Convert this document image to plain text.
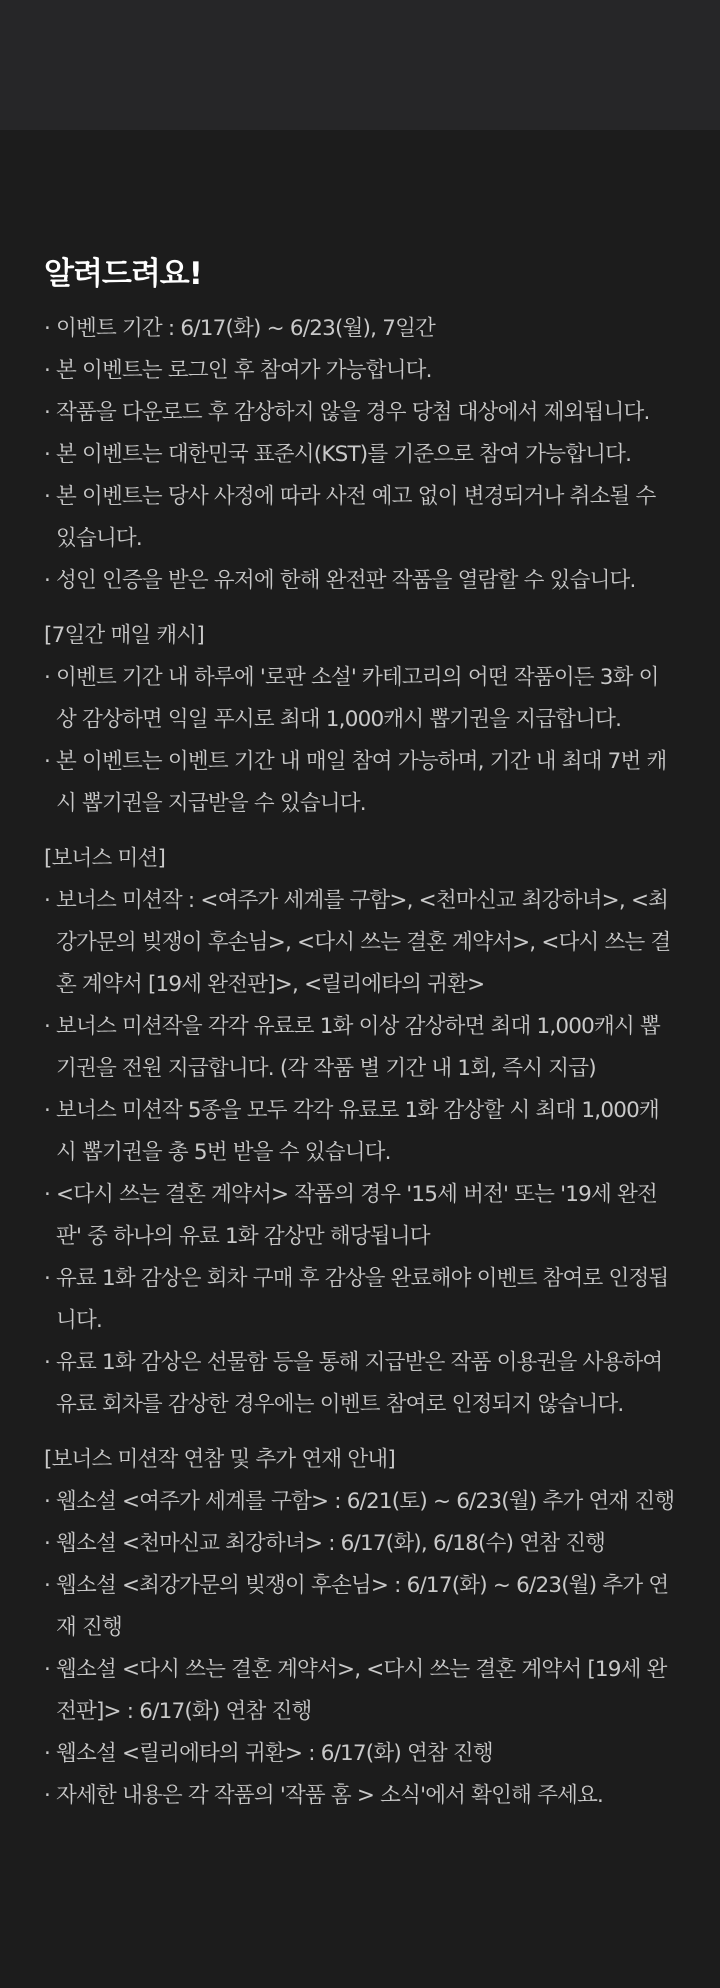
알려드려요!
· 이벤트 기간 : 6/17(화) ~ 6/23(월), 7일간
· 본 이벤트는 로그인 후 참여가 가능합니다.
· 작품을 다운로드 후 감상하지 않을 경우 당첨 대상에서 제외됩니다.
· 본 이벤트는 대한민국 표준시(KST)를 기준으로 참여 가능합니다.
· 본 이벤트는 당사 사정에 따라 사전 예고 없이 변경되거나 취소될 수 있습니다.
· 성인 인증을 받은 유저에 한해 완전판 작품을 열람할 수 있습니다.
[7일간 매일 캐시]
· 이벤트 기간 내 하루에 '로판 소설' 카테고리의 어떤 작품이든 3화 이상 감상하면 익일 푸시로 최대 1,000캐시 뽑기권을 지급합니다.
· 본 이벤트는 이벤트 기간 내 매일 참여 가능하며, 기간 내 최대 7번 캐시 뽑기권을 지급받을 수 있습니다.
[보너스 미션]
· 보너스 미션작 : <여주가 세계를 구함>, <천마신교 최강하녀>, <최강가문의 빚쟁이 후손님>, <다시 쓰는 결혼 계약서>, <다시 쓰는 결혼 계약서 [19세 완전판]>, <릴리에타의 귀환>
· 보너스 미션작을 각각 유료로 1화 이상 감상하면 최대 1,000캐시 뽑기권을 전원 지급합니다. (각 작품 별 기간 내 1회, 즉시 지급)
· 보너스 미션작 5종을 모두 각각 유료로 1화 감상할 시 최대 1,000캐시 뽑기권을 총 5번 받을 수 있습니다.
· <다시 쓰는 결혼 계약서> 작품의 경우 '15세 버전' 또는 '19세 완전판' 중 하나의 유료 1화 감상만 해당됩니다
· 유료 1화 감상은 회차 구매 후 감상을 완료해야 이벤트 참여로 인정됩니다.
· 유료 1화 감상은 선물함 등을 통해 지급받은 작품 이용권을 사용하여 유료 회차를 감상한 경우에는 이벤트 참여로 인정되지 않습니다.
[보너스 미션작 연참 및 추가 연재 안내]
· 웹소설 <여주가 세계를 구함> : 6/21(토) ~ 6/23(월) 추가 연재 진행
· 웹소설 <천마신교 최강하녀> : 6/17(화), 6/18(수) 연참 진행
· 웹소설 <최강가문의 빚쟁이 후손님> : 6/17(화) ~ 6/23(월) 추가 연재 진행
· 웹소설 <다시 쓰는 결혼 계약서>, <다시 쓰는 결혼 계약서 [19세 완전판]> : 6/17(화) 연참 진행
· 웹소설 <릴리에타의 귀환> : 6/17(화) 연참 진행
· 자세한 내용은 각 작품의 '작품 홈 > 소식'에서 확인해 주세요.
